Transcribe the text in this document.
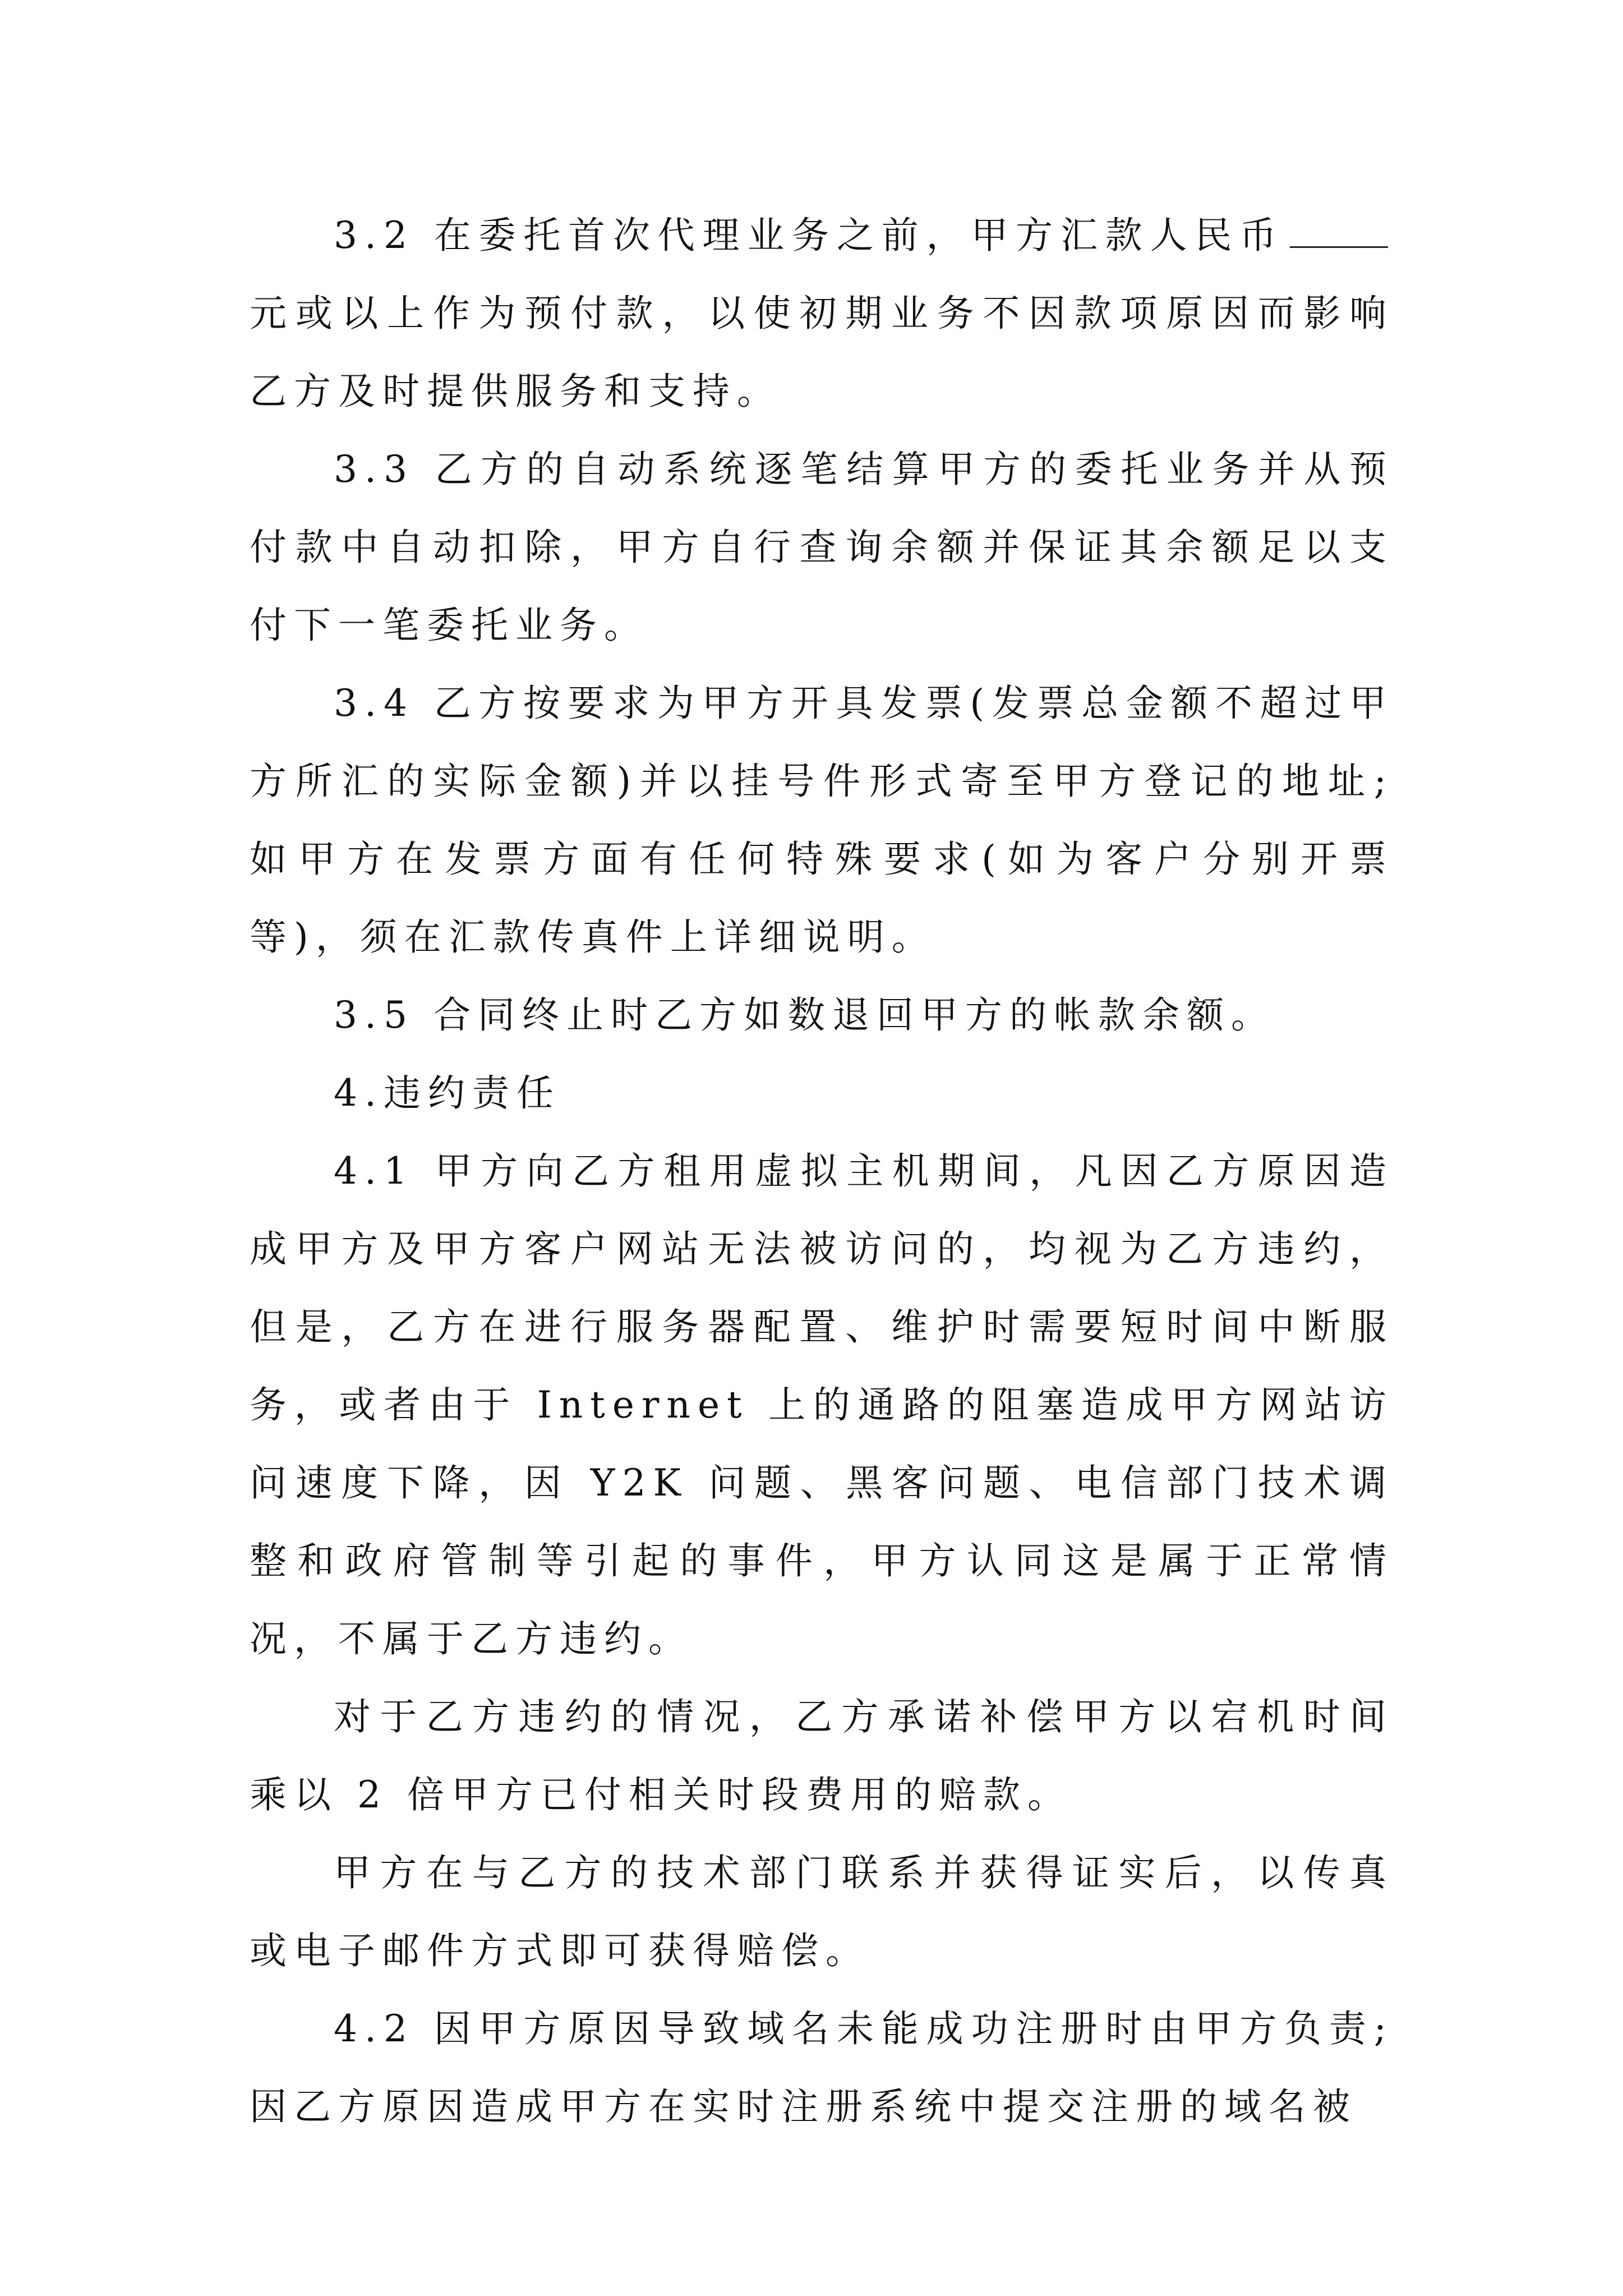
3.2 在委托首次代理业务之前，甲方汇款人民币元或以上作为预付款，以使初期业务不因款项原因而影响乙方及时提供服务和支持。

3.3 乙方的自动系统逐笔结算甲方的委托业务并从预付款中自动扣除，甲方自行查询余额并保证其余额足以支付下一笔委托业务。

3.4 乙方按要求为甲方开具发票(发票总金额不超过甲方所汇的实际金额)并以挂号件形式寄至甲方登记的地址;如甲方在发票方面有任何特殊要求(如为客户分别开票等)，须在汇款传真件上详细说明。

3.5 合同终止时乙方如数退回甲方的帐款余额。

4.违约责任

4.1 甲方向乙方租用虚拟主机期间，凡因乙方原因造成甲方及甲方客户网站无法被访问的，均视为乙方违约，但是，乙方在进行服务器配置、维护时需要短时间中断服务，或者由于 Internet 上的通路的阻塞造成甲方网站访问速度下降，因 Y2K 问题、黑客问题、电信部门技术调整和政府管制等引起的事件，甲方认同这是属于正常情况，不属于乙方违约。

对于乙方违约的情况，乙方承诺补偿甲方以宕机时间乘以 2 倍甲方已付相关时段费用的赔款。

甲方在与乙方的技术部门联系并获得证实后，以传真或电子邮件方式即可获得赔偿。

4.2 因甲方原因导致域名未能成功注册时由甲方负责;因乙方原因造成甲方在实时注册系统中提交注册的域名被
